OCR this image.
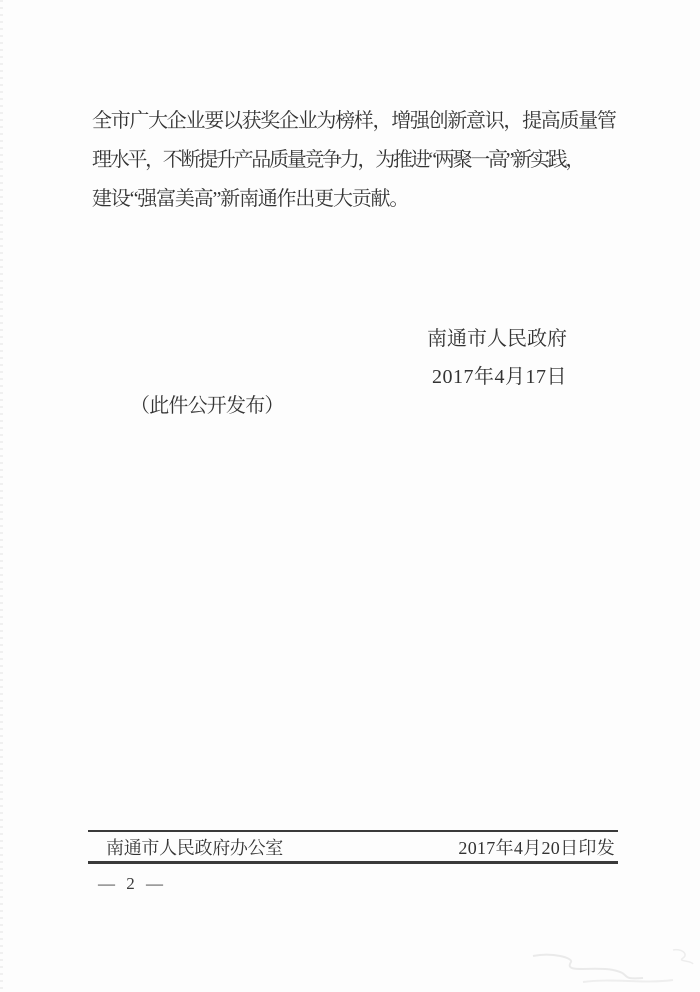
全市广大企业要以获奖企业为榜样，增强创新意识，提高质量管
理水平，不断提升产品质量竞争力，为推进“两聚一高”新实践，
建设“强富美高”新南通作出更大贡献。
南通市人民政府
2017年4月17日
（此件公开发布）
南通市人民政府办公室	2017年4月20日印发
— 2 —
